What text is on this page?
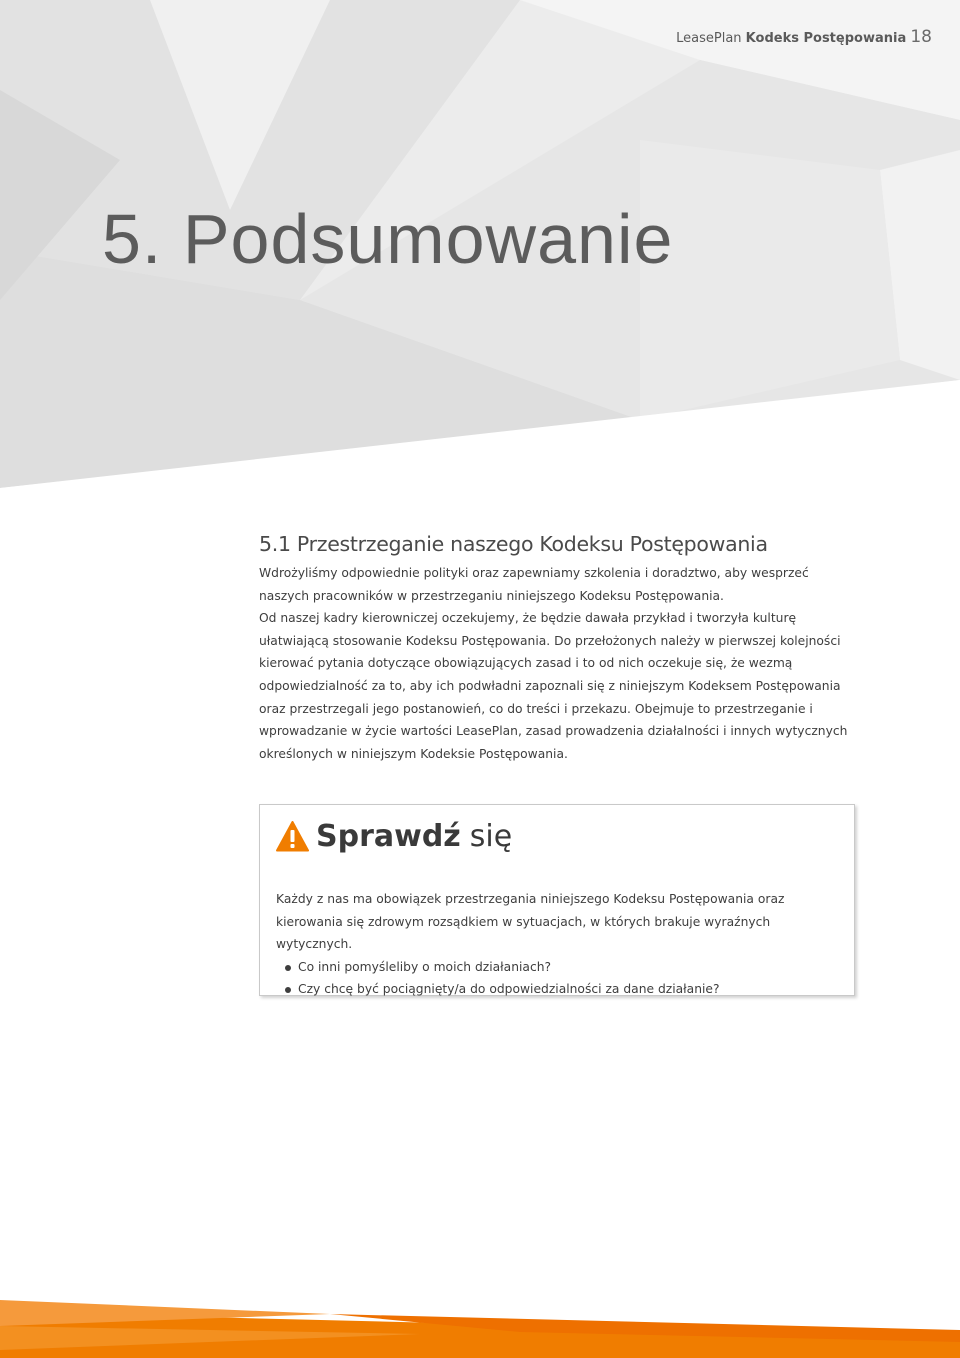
LeasePlan Kodeks Postępowania 18
5. Podsumowanie
5.1 Przestrzeganie naszego Kodeksu Postępowania

Wdrożyliśmy odpowiednie polityki oraz zapewniamy szkolenia i doradztwo, aby wesprzeć naszych pracowników w przestrzeganiu niniejszego Kodeksu Postępowania.

Od naszej kadry kierowniczej oczekujemy, że będzie dawała przykład i tworzyła kulturę ułatwiającą stosowanie Kodeksu Postępowania. Do przełożonych należy w pierwszej kolejności kierować pytania dotyczące obowiązujących zasad i to od nich oczekuje się, że wezmą odpowiedzialność za to, aby ich podwładni zapoznali się z niniejszym Kodeksem Postępowania oraz przestrzegali jego postanowień, co do treści i przekazu. Obejmuje to przestrzeganie i wprowadzanie w życie wartości LeasePlan, zasad prowadzenia działalności i innych wytycznych określonych w niniejszym Kodeksie Postępowania.

Sprawdź się

Każdy z nas ma obowiązek przestrzegania niniejszego Kodeksu Postępowania oraz kierowania się zdrowym rozsądkiem w sytuacjach, w których brakuje wyraźnych wytycznych.

Co inni pomyśleliby o moich działaniach?
Czy chcę być pociągnięty/a do odpowiedzialności za dane działanie?
